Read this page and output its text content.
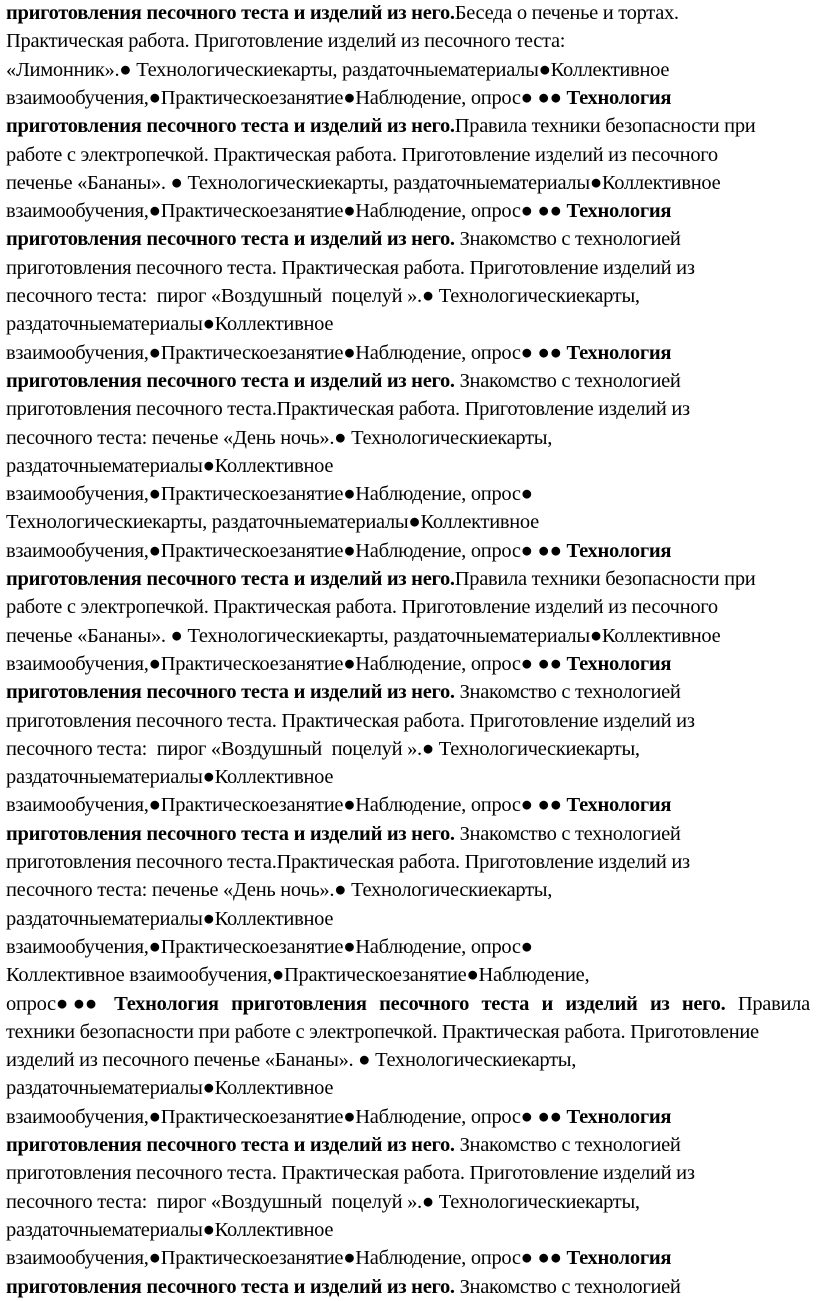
приготовления песочного теста и изделий из него.Беседа о печенье и тортах.
Практическая работа. Приготовление изделий из песочного теста:
«Лимонник».● Технологическиекарты, раздаточныематериалы●Коллективное
взаимообучения,●Практическоезанятие●Наблюдение, опрос● ●● Технология
приготовления песочного теста и изделий из него.Правила техники безопасности при
работе с электропечкой. Практическая работа. Приготовление изделий из песочного
печенье «Бананы». ● Технологическиекарты, раздаточныематериалы●Коллективное
взаимообучения,●Практическоезанятие●Наблюдение, опрос● ●● Технология
приготовления песочного теста и изделий из него. Знакомство с технологией
приготовления песочного теста. Практическая работа. Приготовление изделий из
песочного теста:  пирог «Воздушный  поцелуй ».● Технологическиекарты,
раздаточныематериалы●Коллективное
взаимообучения,●Практическоезанятие●Наблюдение, опрос● ●● Технология
приготовления песочного теста и изделий из него. Знакомство с технологией
приготовления песочного теста.Практическая работа. Приготовление изделий из
песочного теста: печенье «День ночь».● Технологическиекарты,
раздаточныематериалы●Коллективное
взаимообучения,●Практическоезанятие●Наблюдение, опрос●
Технологическиекарты, раздаточныематериалы●Коллективное
взаимообучения,●Практическоезанятие●Наблюдение, опрос● ●● Технология
приготовления песочного теста и изделий из него.Правила техники безопасности при
работе с электропечкой. Практическая работа. Приготовление изделий из песочного
печенье «Бананы». ● Технологическиекарты, раздаточныематериалы●Коллективное
взаимообучения,●Практическоезанятие●Наблюдение, опрос● ●● Технология
приготовления песочного теста и изделий из него. Знакомство с технологией
приготовления песочного теста. Практическая работа. Приготовление изделий из
песочного теста:  пирог «Воздушный  поцелуй ».● Технологическиекарты,
раздаточныематериалы●Коллективное
взаимообучения,●Практическоезанятие●Наблюдение, опрос● ●● Технология
приготовления песочного теста и изделий из него. Знакомство с технологией
приготовления песочного теста.Практическая работа. Приготовление изделий из
песочного теста: печенье «День ночь».● Технологическиекарты,
раздаточныематериалы●Коллективное
взаимообучения,●Практическоезанятие●Наблюдение, опрос●
Коллективное взаимообучения,●Практическоезанятие●Наблюдение,
опрос● ●● Технология приготовления песочного теста и изделий из него. Правила
техники безопасности при работе с электропечкой. Практическая работа. Приготовление
изделий из песочного печенье «Бананы». ● Технологическиекарты,
раздаточныематериалы●Коллективное
взаимообучения,●Практическоезанятие●Наблюдение, опрос● ●● Технология
приготовления песочного теста и изделий из него. Знакомство с технологией
приготовления песочного теста. Практическая работа. Приготовление изделий из
песочного теста:  пирог «Воздушный  поцелуй ».● Технологическиекарты,
раздаточныематериалы●Коллективное
взаимообучения,●Практическоезанятие●Наблюдение, опрос● ●● Технология
приготовления песочного теста и изделий из него. Знакомство с технологией
